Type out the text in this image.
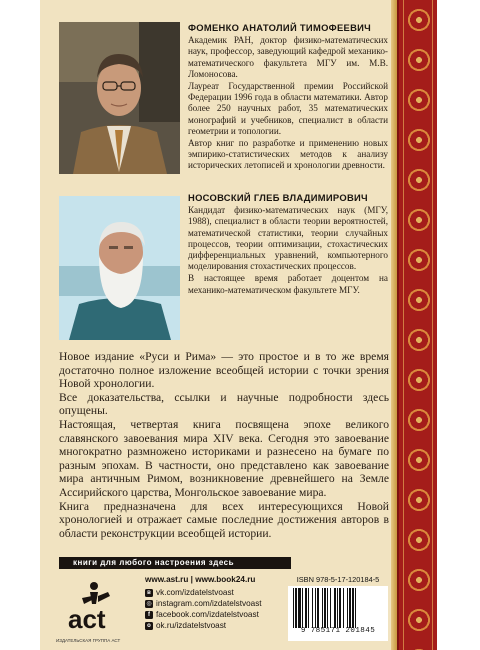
ФОМЕНКО АНАТОЛИЙ ТИМОФЕЕВИЧ

Академик РАН, доктор физико-математических наук, профессор, заведующий кафедрой механико-математического факультета МГУ им. М.В. Ломоносова.

Лауреат Государственной премии Российской Федерации 1996 года в области математики. Автор более 250 научных работ, 35 математических монографий и учебников, специалист в области геометрии и топологии.

Автор книг по разработке и применению новых эмпирико-статистических методов к анализу исторических летописей и хронологии древности.

НОСОВСКИЙ ГЛЕБ ВЛАДИМИРОВИЧ

Кандидат физико-математических наук (МГУ, 1988), специалист в области теории вероятностей, математической статистики, теории случайных процессов, теории оптимизации, стохастических дифференциальных уравнений, компьютерного моделирования стохастических процессов.

В настоящее время работает доцентом на механико-математическом факультете МГУ.

Новое издание «Руси и Рима» — это простое и в то же время достаточно полное изложение всеобщей истории с точки зрения Новой хронологии.

Все доказательства, ссылки и научные подробности здесь опущены.

Настоящая, четвертая книга посвящена эпохе великого славянского завоевания мира XIV века. Сегодня это завоевание многократно размножено историками и разнесено на бумаге по разным эпохам. В частности, оно представлено как завоевание мира античным Римом, возникновение древнейшего на Земле Ассирийского царства, Монгольское завоевание мира.

Книга предназначена для всех интересующихся Новой хронологией и отражает самые последние достижения авторов в области реконструкции всеобщей истории.

книги для любого настроения здесь
act
ИЗДАТЕЛЬСКАЯ ГРУППА АСТ
www.ast.ru | www.book24.ru
в vk.com/izdatelstvoast
◎ instagram.com/izdatelstvoast
f facebook.com/izdatelstvoast
о ok.ru/izdatelstvoast
ISBN 978-5-17-120184-5
9 785171 201845
